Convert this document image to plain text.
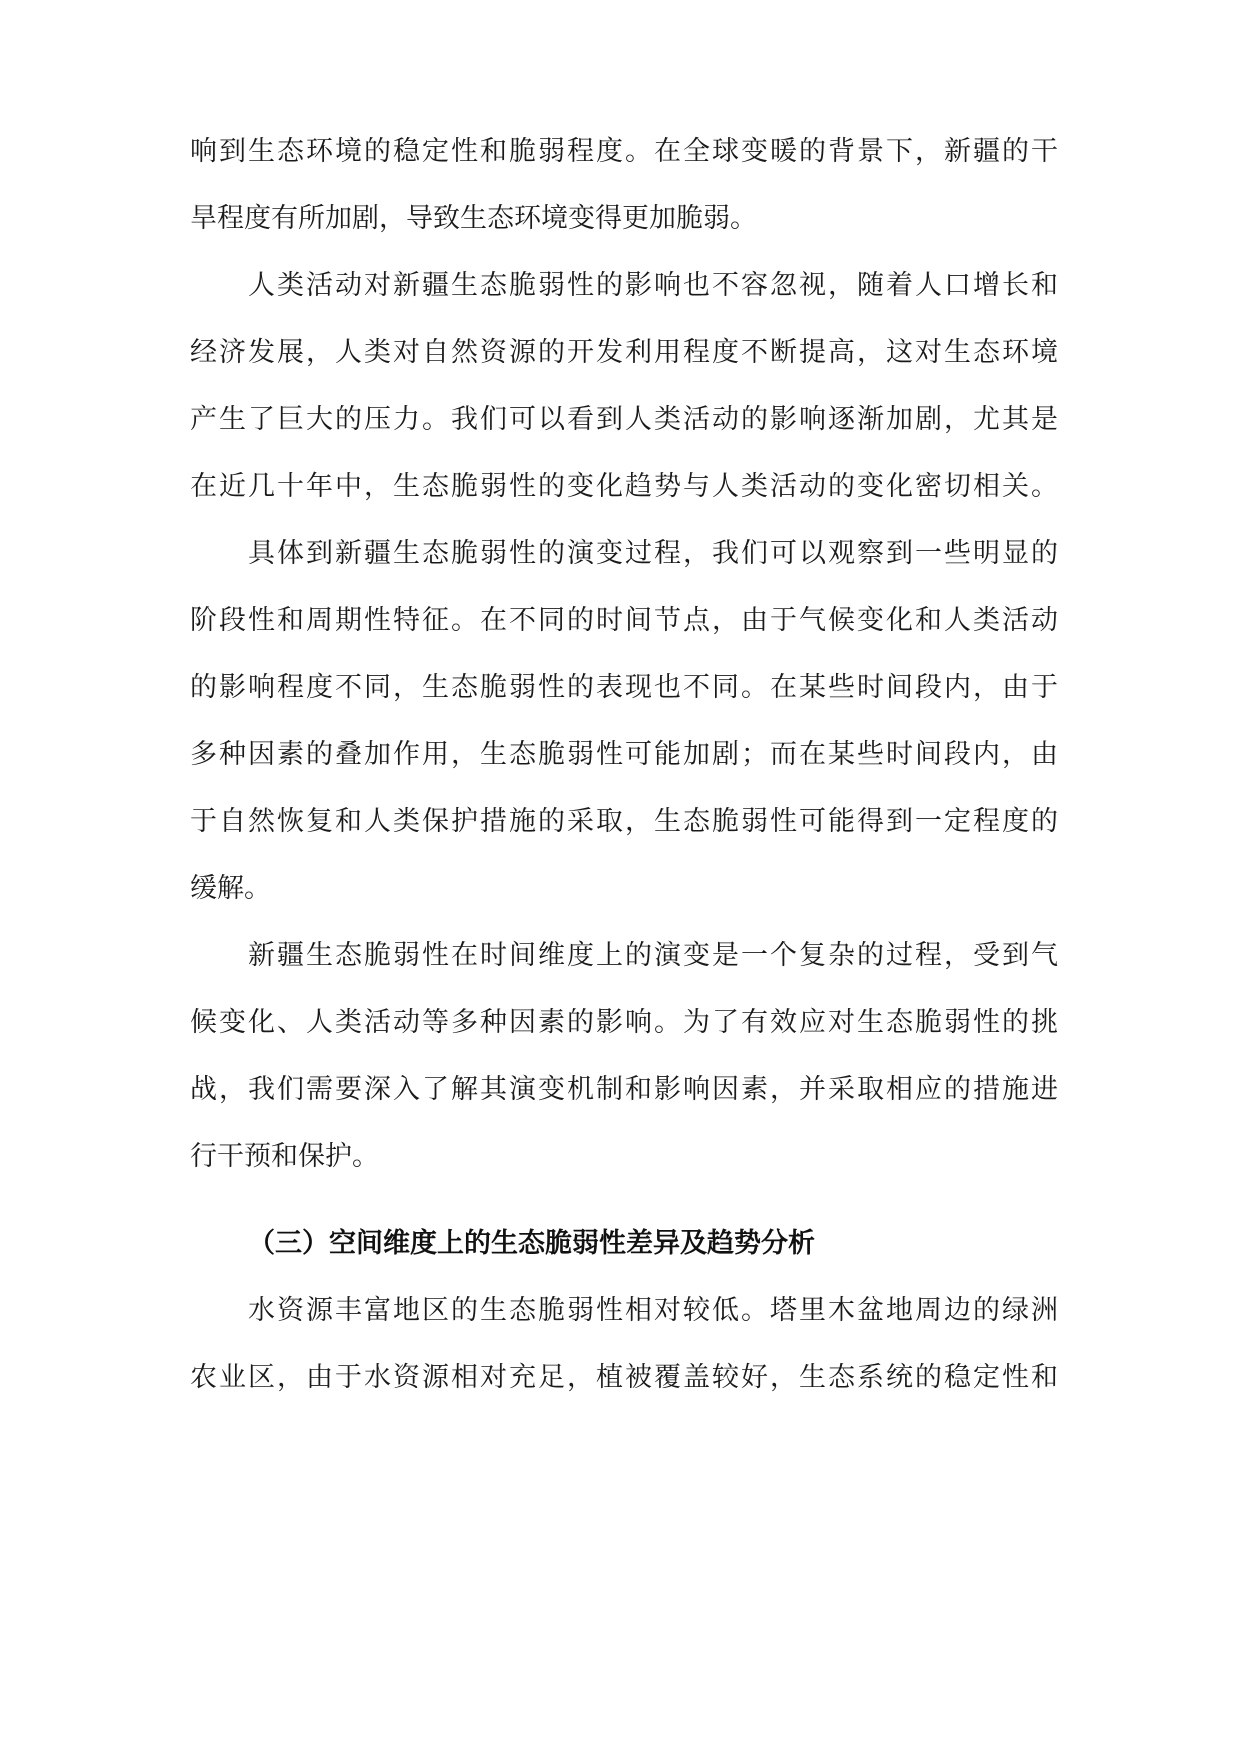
响到生态环境的稳定性和脆弱程度。在全球变暖的背景下，新疆的干

旱程度有所加剧，导致生态环境变得更加脆弱。

人类活动对新疆生态脆弱性的影响也不容忽视，随着人口增长和

经济发展，人类对自然资源的开发利用程度不断提高，这对生态环境

产生了巨大的压力。我们可以看到人类活动的影响逐渐加剧，尤其是

在近几十年中，生态脆弱性的变化趋势与人类活动的变化密切相关。

具体到新疆生态脆弱性的演变过程，我们可以观察到一些明显的

阶段性和周期性特征。在不同的时间节点，由于气候变化和人类活动

的影响程度不同，生态脆弱性的表现也不同。在某些时间段内，由于

多种因素的叠加作用，生态脆弱性可能加剧；而在某些时间段内，由

于自然恢复和人类保护措施的采取，生态脆弱性可能得到一定程度的

缓解。

新疆生态脆弱性在时间维度上的演变是一个复杂的过程，受到气

候变化、人类活动等多种因素的影响。为了有效应对生态脆弱性的挑

战，我们需要深入了解其演变机制和影响因素，并采取相应的措施进

行干预和保护。

（三）空间维度上的生态脆弱性差异及趋势分析

水资源丰富地区的生态脆弱性相对较低。塔里木盆地周边的绿洲

农业区，由于水资源相对充足，植被覆盖较好，生态系统的稳定性和
